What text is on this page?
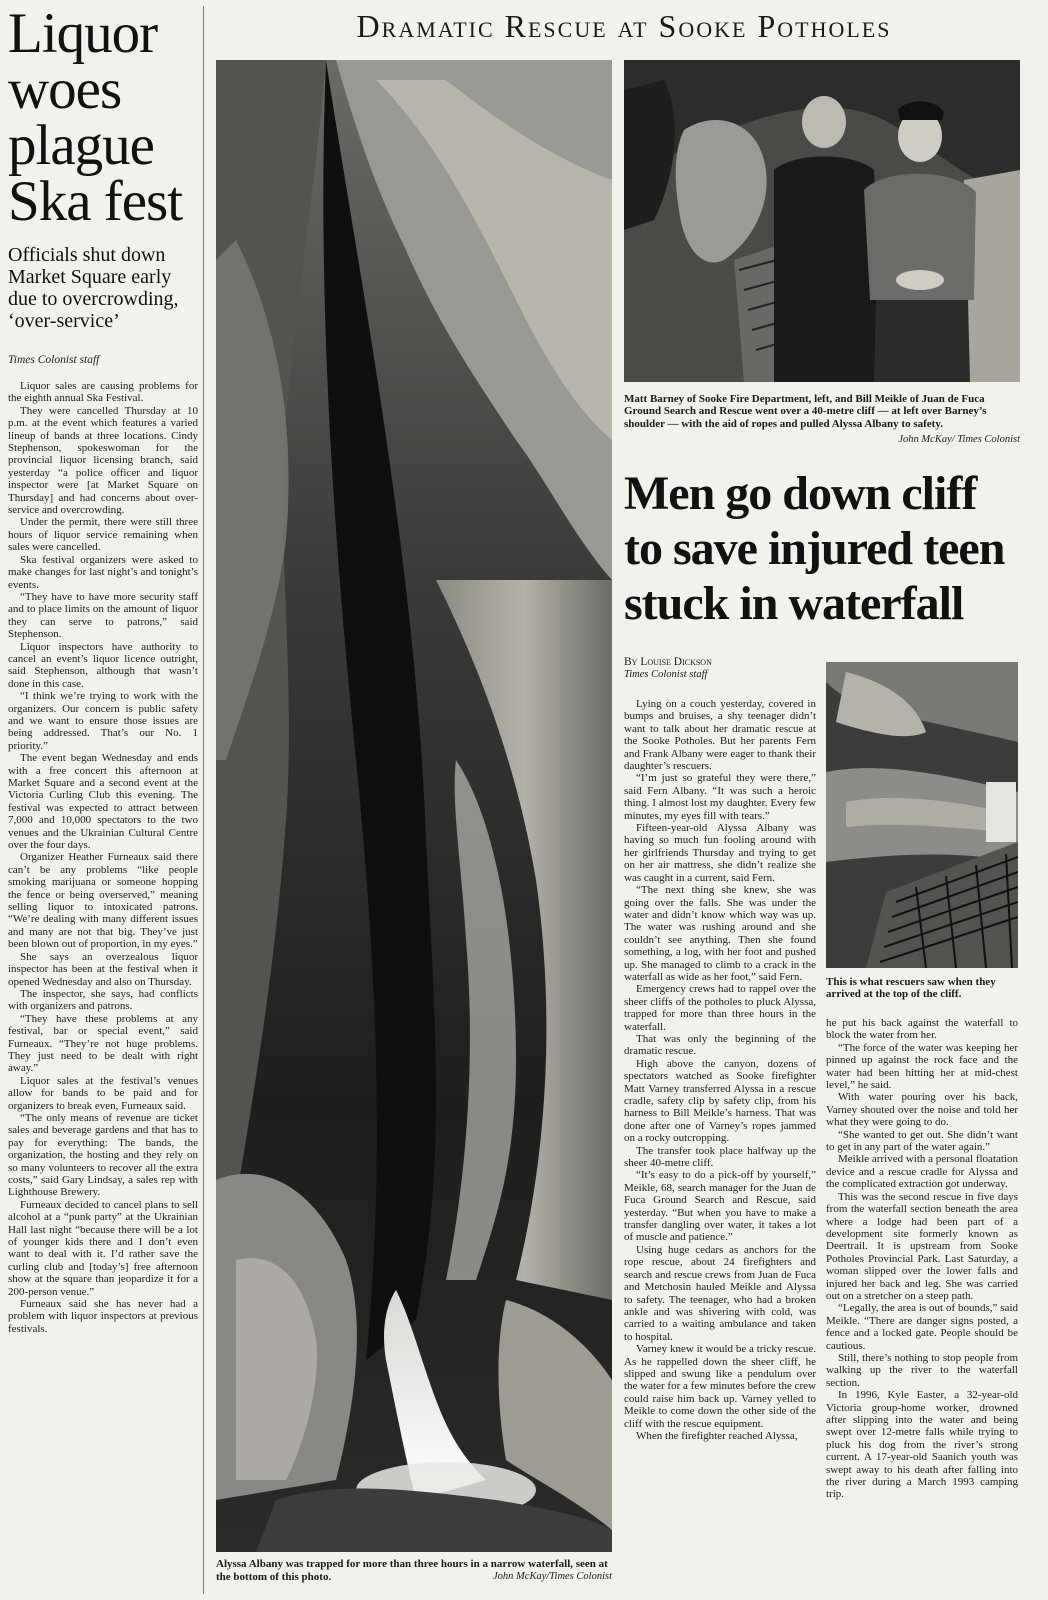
Liquor woes plague Ska fest
Officials shut down Market Square early due to overcrowding, ‘over-service’
Times Colonist staff

Liquor sales are causing problems for the eighth annual Ska Festival.

They were cancelled Thursday at 10 p.m. at the event which features a varied lineup of bands at three locations. Cindy Stephenson, spokeswoman for the provincial liquor licensing branch, said yesterday “a police officer and liquor inspector were [at Market Square on Thursday] and had concerns about over-service and overcrowding.

Under the permit, there were still three hours of liquor service remaining when sales were cancelled.

Ska festival organizers were asked to make changes for last night’s and tonight’s events.

“They have to have more security staff and to place limits on the amount of liquor they can serve to patrons,” said Stephenson.

Liquor inspectors have authority to cancel an event’s liquor licence outright, said Stephenson, although that wasn’t done in this case.

“I think we’re trying to work with the organizers. Our concern is public safety and we want to ensure those issues are being addressed. That’s our No. 1 priority.”

The event began Wednesday and ends with a free concert this afternoon at Market Square and a second event at the Victoria Curling Club this evening. The festival was expected to attract between 7,000 and 10,000 spectators to the two venues and the Ukrainian Cultural Centre over the four days.

Organizer Heather Furneaux said there can’t be any problems “like people smoking marijuana or someone hopping the fence or being overserved,” meaning selling liquor to intoxicated patrons. “We’re dealing with many different issues and many are not that big. They’ve just been blown out of proportion, in my eyes.”

She says an overzealous liquor inspector has been at the festival when it opened Wednesday and also on Thursday.

The inspector, she says, had conflicts with organizers and patrons.

“They have these problems at any festival, bar or special event,” said Furneaux. “They’re not huge problems. They just need to be dealt with right away.”

Liquor sales at the festival’s venues allow for bands to be paid and for organizers to break even, Furneaux said.

“The only means of revenue are ticket sales and beverage gardens and that has to pay for everything: The bands, the organization, the hosting and they rely on so many volunteers to recover all the extra costs,” said Gary Lindsay, a sales rep with Lighthouse Brewery.

Furneaux decided to cancel plans to sell alcohol at a “punk party” at the Ukrainian Hall last night “because there will be a lot of younger kids there and I don’t even want to deal with it. I’d rather save the curling club and [today’s] free afternoon show at the square than jeopardize it for a 200-person venue.”

Furneaux said she has never had a problem with liquor inspectors at previous festivals.

Dramatic Rescue at Sooke Potholes
Alyssa Albany was trapped for more than three hours in a narrow waterfall, seen at the bottom of this photo.	John McKay/Times Colonist
Matt Barney of Sooke Fire Department, left, and Bill Meikle of Juan de Fuca Ground Search and Rescue went over a 40-metre cliff — at left over Barney’s shoulder — with the aid of ropes and pulled Alyssa Albany to safety.
John McKay/ Times Colonist
Men go down cliff to save injured teen stuck in waterfall
By Louise Dickson
Times Colonist staff

Lying on a couch yesterday, covered in bumps and bruises, a shy teenager didn’t want to talk about her dramatic rescue at the Sooke Potholes. But her parents Fern and Frank Albany were eager to thank their daughter’s rescuers.

“I’m just so grateful they were there,” said Fern Albany. “It was such a heroic thing. I almost lost my daughter. Every few minutes, my eyes fill with tears.”

Fifteen-year-old Alyssa Albany was having so much fun fooling around with her girlfriends Thursday and trying to get on her air mattress, she didn’t realize she was caught in a current, said Fern.

“The next thing she knew, she was going over the falls. She was under the water and didn’t know which way was up. The water was rushing around and she couldn’t see anything. Then she found something, a log, with her foot and pushed up. She managed to climb to a crack in the waterfall as wide as her foot,” said Fern.

Emergency crews had to rappel over the sheer cliffs of the potholes to pluck Alyssa, trapped for more than three hours in the waterfall.

That was only the beginning of the dramatic rescue.

High above the canyon, dozens of spectators watched as Sooke firefighter Matt Varney transferred Alyssa in a rescue cradle, safety clip by safety clip, from his harness to Bill Meikle’s harness. That was done after one of Varney’s ropes jammed on a rocky outcropping.

The transfer took place halfway up the sheer 40-metre cliff.

“It’s easy to do a pick-off by yourself,” Meikle, 68, search manager for the Juan de Fuca Ground Search and Rescue, said yesterday. “But when you have to make a transfer dangling over water, it takes a lot of muscle and patience.”

Using huge cedars as anchors for the rope rescue, about 24 firefighters and search and rescue crews from Juan de Fuca and Metchosin hauled Meikle and Alyssa to safety. The teenager, who had a broken ankle and was shivering with cold, was carried to a waiting ambulance and taken to hospital.

Varney knew it would be a tricky rescue. As he rappelled down the sheer cliff, he slipped and swung like a pendulum over the water for a few minutes before the crew could raise him back up. Varney yelled to Meikle to come down the other side of the cliff with the rescue equipment.

When the firefighter reached Alyssa,

This is what rescuers saw when they arrived at the top of the cliff.

he put his back against the waterfall to block the water from her.

“The force of the water was keeping her pinned up against the rock face and the water had been hitting her at mid-chest level,” he said.

With water pouring over his back, Varney shouted over the noise and told her what they were going to do.

“She wanted to get out. She didn’t want to get in any part of the water again.”

Meikle arrived with a personal floatation device and a rescue cradle for Alyssa and the complicated extraction got underway.

This was the second rescue in five days from the waterfall section beneath the area where a lodge had been part of a development site formerly known as Deertrail. It is upstream from Sooke Potholes Provincial Park. Last Saturday, a woman slipped over the lower falls and injured her back and leg. She was carried out on a stretcher on a steep path.

“Legally, the area is out of bounds,” said Meikle. “There are danger signs posted, a fence and a locked gate. People should be cautious.

Still, there’s nothing to stop people from walking up the river to the waterfall section.

In 1996, Kyle Easter, a 32-year-old Victoria group-home worker, drowned after slipping into the water and being swept over 12-metre falls while trying to pluck his dog from the river’s strong current. A 17-year-old Saanich youth was swept away to his death after falling into the river during a March 1993 camping trip.
